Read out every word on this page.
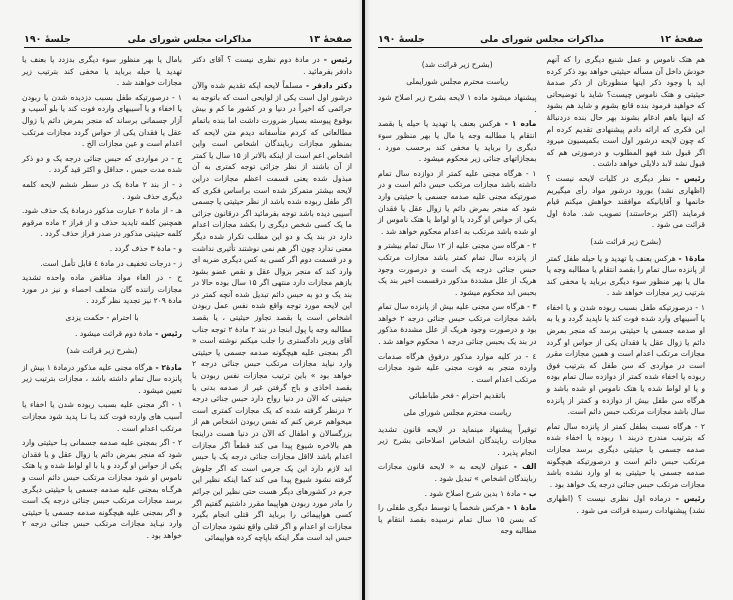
صفحهٔ ۱۳
مذاکرات مجلس شورای ملی
جلسهٔ ۱۹۰

رئیس - در مادهٔ دوم نظری نیست ؟ آقای دکتر دادفر بفرمائید .

دکتر دادفر - مسلماً لایحه ایکه تقدیم شده والآن درشور اول است یکی از لوایحی است که باتوجه به جرائمی که اخیراً در دنیا و در کشور ما کم و بیش بوقوع پیوسته بسیار ضرورت داشت اما بنده باتمام مطالعاتی که کردم متأسفانه دیدم متن لایحه که بمنظور مجازات ربایندگان اشخاص است واین اشخاص اعم است از اینکه بالاتر از ۱۵ سال یا کمتر از آن باشند از نظر جزائی توجه کمتری به آن مبذول شده یعنی قسمت اعظم مجازات دراین لایحه بیشتر متمرکز شده است براساس فکری که اگر طفل ربوده شده باشد از نظر حیثیتی یا جسمی آسیبی دیده باشد توجه بفرمائید اگر درقانون جزائی ما یک کسی شخص دیگری را بکشد مجازات اعدام دارد در بند یک و دو این مطلب تکرار شده دیگر معنی ندارد چون اگر هم نمی نوشتند تأثیری نداشت و در قسمت دوم اگر کسی به کس دیگری ضربه ای وارد کند که منجر بزوال عقل و نقص عضو بشود بازهم مجازات دارد منتهی اگر ۱۵ سال بوده حالا در بند یک و دو به حبس دائم تبدیل شده آنچه کمتر در این لایحه مورد توجه واقع شده نفس عمل ربودن اشخاص است یا بقصد تجاوز حیثیتی ، یا بقصد مطالبه وجه یا پول ابنجا در بند ۲ مادهٔ ۲ توجه جناب آقای وزیر دادگستری را جلب میکنم نوشته است « اگر بمجنی علیه هیچگونه صدمه جسمی یا حیثیتی وارد نیاید مجازات مرتکب حبس جنائی درجه ۲ خواهد بود » باین ترتیب مجازات نفس ربودن یا بقصد اخاذی و باج گرفتن غیر از صدمه بدنی یا حیثیتی که الآن در دنیا رواج دارد حبس جنائی درجه ۲ درنظر گرفته شده که یک مجازات کمتری است میخواهم عرض کنم که نفس ربودن اشخاص هم از بزرگسالان و اطفال که الآن در دنیا هست دراینجا هم بالاخره شیوع پیدا می کند قطعاً اگر مجازات اعدام باشد لااقل مجازات جنائی درجه یک یا حبس ابد لازم دارد این یک جرمی است که اگر جلوش گرفته نشود شیوع پیدا می کند کما اینکه نظیر این جرم در کشورهای دیگر هست حتی نظیر این جرائم را مادر مورد ربودن هواپیما مقرر داشتیم گفتیم اگر کسی هواپیمائی را برباید اگر قتلی انجام بگیرد مجازات او اعدام و اگر قتلی واقع نشود مجازات آن حبس ابد است مگر اینکه باپاچه کرده هواپیمائی

بامال یا بهر منظور سوء دیگری بدزدد یا بعنف یا تهدید یا حیله برباید یا مخفی کند بترتیب زیر مجازات خواهند شد .

۱ - درصورتیکه طفل بسبب دزدیده شدن یا ربودن یا اخفاء و یا آسیبهای وارده فوت کند یا بلو آسیب و آزار جسمانی برساند که منجر بمرض دائم یا زوال عقل یا فقدان یکی از حواس گردد مجازات مرتکب اعدام است و عین مجازات الخ .

ج - در مواردی که حبس جنائی درجه یک و دو ذکر شده مدت حبس ، حداقل و اکثر قید گردد .

د - از بند ۲ مادهٔ یک در سطر ششم لایحه کلمه دیگری حذف شود .

هـ - از مادهٔ ۲ عبارت مذکور درمادهٔ یک حذف شود. همچنین کلمه تایدید حذف و از فراز ۲ ماده مرقوم کلمه حیثیتی مذکور در صدر فراز حذف گردد .

و - مادهٔ ۳ حذف گردد .

ز - درجات تخفیف در مادهٔ ٤ قابل تأمل است.

ح - در الغاء مواد مناقض ماده واحده تشدید مجازات راننده گان متخلف احصاء و نیز در مورد مادهٔ ۲۰۹ نیز تجدید نظر گردد .

با احترام - حکمت یزدی

رئیس - مادهٔ دوم قرائت میشود .

(بشرح زیر قرائت شد)

مادهٔ۲ - هرگاه مجنی علیه مذکور درمادهٔ ۱ بیش از پانزده سال تمام داشته باشد ، مجازات بترتیب زیر تعیین میشود .

۱ - اگر مجنی علیه بسبب ربوده شدن یا اخفاء یا آسیب های وارده فوت کند یـا نـا پدید شود مجازات مرتکب اعدام است .

۲ - اگر بمجنی علیه صدمه جسمانی یـا حیثیتی وارد شود که منجر بمرض دائم یا زوال عقل و یا فقدان یکی از حواس او گردد و یا با او لواط شده و یا هتک ناموس او شود مجازات مرتکب حبس دائم است و هرگـاه بمجنی علیه صدمه جسمی یا حیثیتی دیگری برسد مجازات مرتکب حبس جنائی درجه یک است و اگر بمجنی علیه هیچگونه صدمه جسمی یا حیثیتی وارد نیـاید مجازات مرتکب حبس جنائی درجه ۲ خواهد بود .

صفحهٔ ۱۲
مذاکرات مجلس شورای ملی
جلسهٔ ۱۹۰

هم هتک ناموس و عمل شنیع دیگری را که آنهم خودش داخل آن مسأله حیثیتی خواهد بود ذکر کرده اید با وجود ذکر اینها منظورتان از ذکر صدمهٔ حیثیتی و هتک ناموس چیست؟ شاید با توضیحاتی که خواهید فرمود بنده قانع بشوم و شاید هم بشود که اینها باهم ادغام بشوند بهر حال بنده دردنبالهٔ این فکری که ارائه دادم پیشنهادی تقدیم کرده ام که چون لایحه درشور اول است بکمیسیون میرود اگر قبول شد فهو المطلوب و درصورتی هم که قبول نشد لابد دلایلی خواهد داشت .

رئیس - نظر دیگری در کلیات لایحه نیست ؟ (اظهاری نشد) بورود درشور مواد رأی میگیریم خانمها و آقایانیکه موافقند خواهش میکنم قیام فرمایند (اکثر برخاستند) تصویب شد. مادهٔ اول قرائت می شود .

(بشرح زیر قرائت شد)

مادهٔ۱ - هرکس بعنف یا تهدید و یا حیله طفل کمتر از پانزده سال تمام را بقصد انتقام یا مطالبه وجه یا مال یا بهر منظور سوء دیگری برباید یا مخفی کند بترتیب زیر مجازات خواهد شد .

۱ - درصورتیکه طفل بسبب ربوده شدن و یا اخفاء یا آسیبهای وارد شده فوت کند یا ناپدید گردد و یا به او صدمه جسمی یا حیثیتی برسد که منجر بمرض دائم یا زوال عقل یا فقدان یکی از حواس او گردد مجازات مرتکب اعدام است و همین مجازات مقرر است در مواردی که سن طفل که بترتیب فوق ربوده یا اخفاء شده کمتر از دوازده سال تمام بوده و یا او لواط شده یا هتک ناموس او شده باشد و هرگاه سن طفل بیش از دوازده و کمتر از پانزده سال باشد مجازات مرتکب حبس دائم است.

۲ - هرگاه نسبت بطفل کمتر از پانزده سال تمام که بترتیب مندرج دربند ۱ ربوده یا اخفاء شده صدمه جسمی یا حیثیتی دیگری برسد مجازات مرتکب حبس دائم است و درصورتیکه هیچگونه صدمه جسمی یا حیثیتی به او وارد نشده باشد مجازات مرتکب حبس جنائی درجه یک خواهد بود .

رئیس - درماده اول نظری نیست ؟ (اظهاری نشد) پیشنهادات رسیده قرائت می شود .

(بشرح زیر قرائت شد)

ریاست محترم مجلس شورایملی

پیشنهاد میشود ماده ۱ لایحه بشرح زیر اصلاح شود .

ماده ۱ - هرکس بعنف یا تهدید یا حیله یا بقصد انتقام یا مطالبه وجه یا مال یا بهر منظور سوء دیگری را برباید یا مخفی کند برحسب مورد ، بمجازاتهای جنائی زیر محکوم میشود .

۱ - هرگاه مجنی علیه کمتر از دوازده سال تمام داشته باشد مجازات مرتکب حبس دائم است و در صورتیکه مجنی علیه صدمه جسمی یا حیثیتی وارد شود که منجر بمرض دائم یا زوال عقل یا فقدان یکی از حواس او گردد یا او لواط یا هتک ناموس از او شده باشد مرتکب به اعدام محکوم خواهد شد .

۲ - هرگاه سن مجنی علیه از ۱۲ سال تمام بیشتر و از پانزده سال تمام کمتر باشد مجازات مرتکب حبس جنائی درجه یک است و درصورت وجود هریک از علل مشددهٔ مذکور درقسمت اخیر بند یک بحبس ابد محکوم میشود .

۳ - هرگاه سن مجنی علیه بیش از پانزده سال تمام باشد مجازات مرتکب حبس جنائی درجه ۲ خواهد بود و درصورت وجود هریک از علل مشددهٔ مذکور در بند یک بحبس جنائی درجه ۱ محکوم خواهد شد .

٤ - در کلیه موارد مذکور درفوق هرگاه صدمات وارده منجر به فوت مجنی علیه شود مجازات مرتکب اعدام است .

باتقدیم احترام - فخر طباطبائی

ریاست محترم مجلس شورای ملی

توقیراً پیشنهاد مینماید در لایحه قانون تشدید مجازات ربایندگان اشخاص اصلاحاتی بشرح زیر انجام پذیرد .

الف - عنوان لایحه به « لایحه قانون مجازات ربایندگان اشخاص » تبدیل شود .

ب - مادهٔ ۱ بدین شرح اصلاح شود .

مادهٔ ۱ - هرکس شخصاً یا توسط دیگری طفلی را که بسن ۱۵ سال تمام نرسیده بقصد انتقام یا مطالبه وجه
